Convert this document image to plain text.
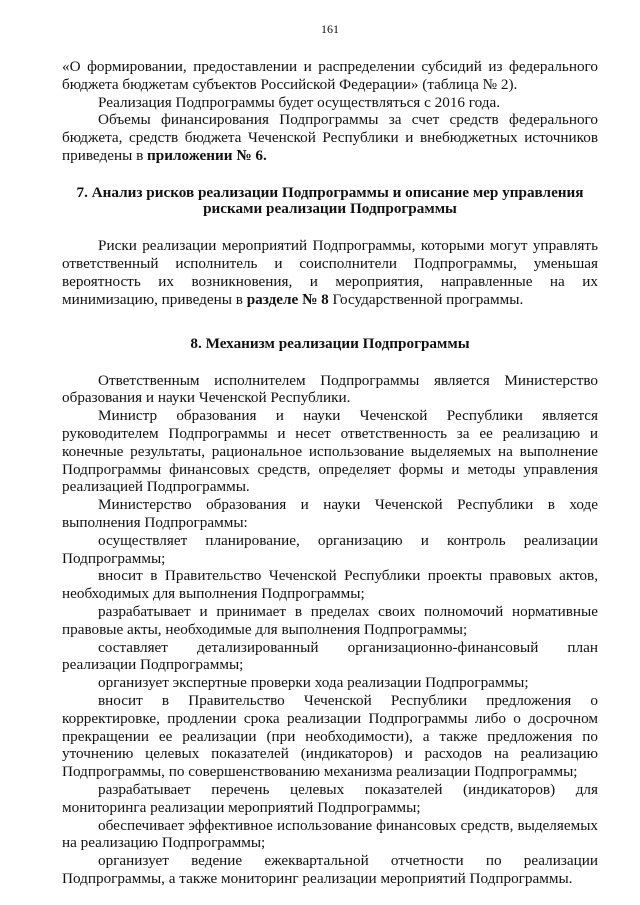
161

«О формировании, предоставлении и распределении субсидий из федерального бюджета бюджетам субъектов Российской Федерации» (таблица № 2).

Реализация Подпрограммы будет осуществляться с 2016 года.

Объемы финансирования Подпрограммы за счет средств федерального бюджета, средств бюджета Чеченской Республики и внебюджетных источников приведены в приложении № 6.

7. Анализ рисков реализации Подпрограммы и описание мер управления рисками реализации Подпрограммы

Риски реализации мероприятий Подпрограммы, которыми могут управлять ответственный исполнитель и соисполнители Подпрограммы, уменьшая вероятность их возникновения, и мероприятия, направленные на их минимизацию, приведены в разделе № 8 Государственной программы.

8. Механизм реализации Подпрограммы

Ответственным исполнителем Подпрограммы является Министерство образования и науки Чеченской Республики.

Министр образования и науки Чеченской Республики является руководителем Подпрограммы и несет ответственность за ее реализацию и конечные результаты, рациональное использование выделяемых на выполнение Подпрограммы финансовых средств, определяет формы и методы управления реализацией Подпрограммы.

Министерство образования и науки Чеченской Республики в ходе выполнения Подпрограммы:

осуществляет планирование, организацию и контроль реализации Подпрограммы;

вносит в Правительство Чеченской Республики проекты правовых актов, необходимых для выполнения Подпрограммы;

разрабатывает и принимает в пределах своих полномочий нормативные правовые акты, необходимые для выполнения Подпрограммы;

составляет детализированный организационно-финансовый план реализации Подпрограммы;

организует экспертные проверки хода реализации Подпрограммы;

вносит в Правительство Чеченской Республики предложения о корректировке, продлении срока реализации Подпрограммы либо о досрочном прекращении ее реализации (при необходимости), а также предложения по уточнению целевых показателей (индикаторов) и расходов на реализацию Подпрограммы, по совершенствованию механизма реализации Подпрограммы;

разрабатывает перечень целевых показателей (индикаторов) для мониторинга реализации мероприятий Подпрограммы;

обеспечивает эффективное использование финансовых средств, выделяемых на реализацию Подпрограммы;

организует ведение ежеквартальной отчетности по реализации Подпрограммы, а также мониторинг реализации мероприятий Подпрограммы.
